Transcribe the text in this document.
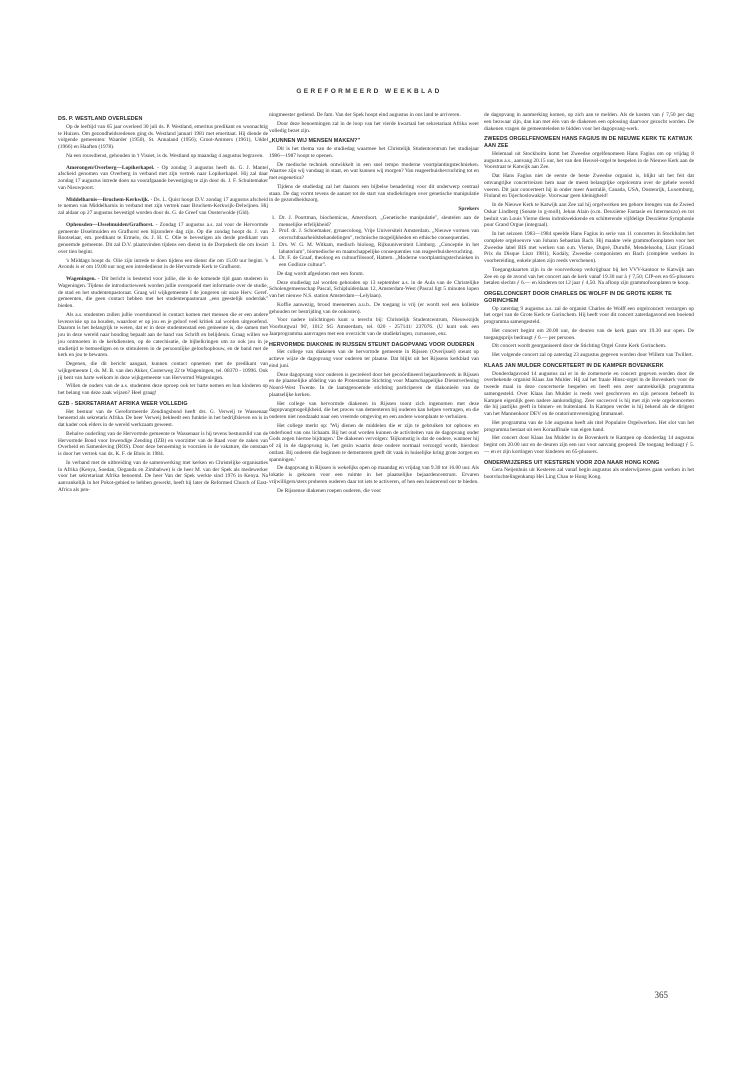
GEREFORMEERD WEEKBLAD
DS. P. WESTLAND OVERLEDEN

Op de leeftijd van 65 jaar overleed 30 juli ds. P. Westland, emeritus predikant en woonachtig te Huizen. Om gezondheidsredenen ging ds. Westland januari 1981 met emeritaat. Hij diende de volgende gemeenten: Waarder (1950), St. Annaland (1956), Groot-Ammers (1961), Uddel (1966) en Haaften (1978).

Na een rouwdienst, gehouden in 't Visnet, is ds. Westland op maandag 4 augustus begraven.

Amerongen/Overberg—Lopikerkapel. - Op zondag 3 augustus heeft ds. G. J. Mantel afscheid genomen van Overberg in verband met zijn vertrek naar Lopikerkapel. Hij zal daar zondag 17 augustus intrede doen na voorafgaande bevestiging te zijn door ds. J. F. Schuitemaker van Nieuwpoort.

Middelharnis—Bruchem-Kerkwijk. - Ds. L. Quist hoopt D.V. zondag 17 augustus afscheid te nemen van Middelharnis in verband met zijn vertrek naar Bruchem-Kerkwijk-Delwijnen. Hij zal aldaar op 27 augustus bevestigd worden door ds. G. de Greef van Oosterwolde (Gld).

Opheusden—IJsselmuiden/Grafhorst. - Zondag 17 augustus a.s. zal voor de Hervormde gemeente IJsselmuiden en Grafhorst een bijzondere dag zijn. Op die zondag hoopt ds. J. van Rootselaar, em. predikant te Ermelo, ds. J. H. C. Olie te bevestigen als derde predikant van genoemde gemeente. Dit zal D.V. plaatsvinden tijdens een dienst in de Dorpskerk die om kwart over tien begint.

's Middags hoopt ds. Olie zijn intrede te doen tijdens een dienst die om 15.00 uur begint. 's Avonds is er om 19.00 uur nog een intrededienst in de Hervormde Kerk te Grafhorst.

Wageningen. - Dit bericht is bestemd voor jullie, die in de komende tijd gaan studeren in Wageningen. Tijdens de introductieweek worden jullie overspoeld met informatie over de studie, de stad en het studentenpastoraat. Graag wil wijkgemeente I de jongeren uit onze Herv. Geref. gemeenten, die geen contact hebben met het studentenpastoraat „een geestelijk onderdak" bieden.

Als a.s. studenten zullen jullie voortdurend in contact komen met mensen die er een andere levensvisie op na houden, waardoor er op jou en je geloof veel kritiek zal worden uitgeoefend. Daarom is het belangrijk te weten, dat er in deze studentenstad een gemeente is, die samen met jou in deze wereld naar houding bepaalt aan de hand van Schrift en belijdenis. Graag willen we jou ontmoeten in de kerkdiensten, op de catechisatie, de bijbelkringen om zo ook jou in je studietijd te bemoedigen en te stimuleren in de persoonlijke geloofsopbouw, en de band met de kerk en jou te bewaren.

Degenen, die dit bericht aangaat, kunnen contact opnemen met de predikant van wijkgemeente I, ds. M. B. van den Akker, Costerweg 22 te Wageningen, tel. 08370 - 10996. Ook jij bent van harte welkom in deze wijkgemeente van Hervormd Wageningen.

Willen de ouders van de a.s. studenten deze oproep ook ter harte nemen en hun kinderen op het belang van deze zaak wijzen? Heel graag!

GZB - SEKRETARIAAT AFRIKA WEER VOLLEDIG

Het bestuur van de Gereformeerde Zendingsbond heeft drs. G. Verweij te Wassenaar benoemd als sekretaris Afrika. De heer Verweij bekleedt een funktie in het bedrijfsleven en is in dat kader ook elders in de wereld werkzaam geweest.

Behalve ouderling van de Hervormde gemeente te Wassenaar is hij tevens bestuurslid van de Hervormde Bond voor Inwendige Zending (IZB) en voorzitter van de Raad voor de zaken van Overheid en Samenleving (ROS). Door deze benoeming is voorzien in de vakature, die ontstaan is door het vertrek van ds. K. F. de Blois in 1984.

In verband met de uitbreiding van de samenwerking met kerken en Christelijke organisaties in Afrika (Kenya, Soedan, Oeganda en Zimbabwe) is de heer M. van der Spek als medewerker voor het sekretariaat Afrika benoemd. De heer Van der Spek werkte sind 1976 in Kenya. Na aanvankelijk in het Pokot-gebied te hebben gewerkt, heeft hij later de Reformed Church of East-Africa als pen-

ningmeester gediend. De fam. Van der Spek hoopt eind augustus in ons land te arriveren.

Door deze benoemingen zal in de loop van het vierde kwartaal het sekretariaat Afrika weer volledig bezet zijn.

„KUNNEN WIJ MENSEN MAKEN?"

Dit is het thema van de studiedag waarmee het Christelijk Studentcentrum het studiejaar 1986—1987 hoopt te openen.

De medische techniek ontwikkelt in een snel tempo moderne voortplantingstechnieken. Waartoe zijn wij vandaag in staat, en wat kunnen wij morgen? Van reageerbuisbevruchting tot en met eugenetica?

Tijdens de studiedag zal het daarom een bijbelse benadering voor dit onderwerp centraal staan. De dag vormt tevens de aanzet tot de start van studiekringen over genetische manipulatie in de gezondheidszorg.

Sprekers

1. Dr. J. Poortman, biochemicus, Amersfoort. „Genetische manipulatie", sleutelen aan de menselijke erfelijkheid?
2. Prof. dr. J. Schoemaker, gynaecoloog, Vrije Universiteit Amsterdam. „Nieuwe vormen van onvruchtbaarheidsbehandelingen", technische mogelijkheden en ethische consequenties.
3. Drs. W. G. M. Witkam, medisch bioloog, Rijksuniversiteit Limburg. „Conceptie in het labatorium", biomedische en maatschappelijke consequenties van reageerbuisbevruchting.
4. Dr. F. de Graaf, theoloog en cultuurfilosoof, Hattem. „Moderne voortplantingstechnieken in een Godloze cultuur".

De dag wordt afgesloten met een forum.

Deze studiedag zal worden gehouden op 13 september a.s. in de Aula van de Christelijke Scholengemeenschap Pascal, Schipluidenlaan 12, Amsterdam-West (Pascal ligt 5 minuten lopen van het nieuwe N.S. station Amsterdam—Lelylaan).

Koffie aanwezig, brood meenemen a.u.b.. De toegang is vrij (er wordt wel een kollekte gehouden ter bestrijding van de onkosten).

Voor nadere inlichtingen kunt u terecht bij: Christelijk Studentcentrum, Nieuwezijds Voorburgwal 96', 1012 SG Amsterdam, tel. 020 - 257141/ 237076. (U kunt ook een Jaarprogramma aanvragen met een overzicht van de studiekringen, cursussen, enz.

HERVORMDE DIAKONIE IN RIJSSEN STEUNT DAGOPVANG VOOR OUDEREN

Het college van diakenen van de hervormde gemeente in Rijssen (Overijssel) steunt op actieve wijze de dagopvang voor ouderen ter plaatse. Dat blijkt uit het Rijssens kerkblad van eind juni.

Deze dagopvang voor ouderen is gecreëerd door het gecoördineerd bejaardenwerk in Rijssen en de plaatselijke afdeling van de Protestantse Stichting voor Maatschappelijke Dienstverlening Noord-West Twente. In de laatstgenoemde stichting participeren de diakonieën van de plaatselijke kerken.

Het college van hervormde diakenen in Rijssen toont zich ingenomen met deze dagopvangmogelijkheid, die het proces van dementeren bij ouderen kan helpen vertragen, en die ouderen niet noodzaakt naar een vreemde omgeving en een andere woonplaats te verhuizen.

Het college merkt op: 'Wij dienen de middelen die er zijn te gebruiken tot opbouw en onderhoud van ons lichaam. Bij het oud worden kunnen de activiteiten van de dagopvang onder Gods zegen hiertoe bijdragen.' De diakenen vervolgen: 'Bijkomstig is dat de oudere, wanneer hij of zij in de dagopvang is, het gezin waarin deze oudere normaal verzorgd wordt, hierdoor ontlast. Bij ouderen die beginnen te dementeren geeft dit vaak in huiselijke kring grote zorgen en spanningen.'

De dagopvang in Rijssen is wekelijks open op maandag en vrijdag van 9.30 tot 16.00 uur. Als lokatie is gekozen voor een ruimte in het plaatselijke bejaardencentrum. Ervaren vrijwilligers/sters proberen ouderen daar tot iets te activeren, of hen een huisterend oor te bieden.

De Rijssense diakenen roepen ouderen, die voor

de dagopvang in aanmerking komen, op zich aan te melden. Als de kosten van ƒ 7,50 per dag een bezwaar zijn, dan kan met één van de diakenen een oplossing daarvoor gezocht worden. De diakenen vragen de gemeenteleden te bidden voor het dagopvang-werk.

ZWEEDS ORGELFENOMEEN HANS FAGIUS IN DE NIEUWE KERK TE KATWIJK AAN ZEE

Helemaal uit Stockholm komt het Zweedse orgelfenomeen Hans Fagius om op vrijdag 8 augustus a.s., aanvang 20.15 uur, het van den Heuvel-orgel te bespelen in de Nieuwe Kerk aan de Voorstraat te Katwijk aan Zee.

Dat Hans Fagius niet de eerste de beste Zweedse organist is, blijkt uit het feit dat omvangrijke concertreizen hem naar de meest belangrijke orgelcentra over de gehele wereld voeren. Dit jaar concerteert hij in onder meer Australië, Canada, USA, Oostenrijk, Luxemburg, Finland en Tsjechoslowakije. Voorwaar geen kleinigheid!

In de Nieuwe Kerk te Katwijk aan Zee zal hij orgelwerken ten gehore brengen van de Zweed Oskar Lindberg (Sonate in g-moll), Jehan Alain (o.m. Deuxième Fantasie en Intermezzo) en tot besluit van Louis Vierne diens indrukwekkende en schitterende vijfdelige Deuxième Symphonie pour Grand Orgue (integraal).

In het seizoen 1983—1984 speelde Hans Fagius in serie van 11 concerten in Stockholm het complete orgeloeuvre van Johann Sebastian Bach. Hij maakte vele grammofoonplaten voor het Zweedse label BIS met werken van o.m. Vierne, Dupré, Duruflé, Mendelssohn, Liszt (Grand Prix du Disque Liszt 1981), Kodály, Zweedse componisten en Bach (complete werken in voorbereiding, enkele platen zijn reeds verschenen).

Toegangskaarten zijn in de voorverkoop verkrijgbaar bij het VVV-kantoor te Katwijk aan Zee en op de avond van het concert aan de kerk vanaf 19.30 uur à ƒ 7,50; CJP-ers en 65-plussers betalen slechts ƒ 6.— en kinderen tot 12 jaar ƒ 4,50. Na afloop zijn grammofoonplaten te koop.

ORGELCONCERT DOOR CHARLES DE WOLFF IN DE GROTE KERK TE GORINCHEM

Op zaterdag 9 augustus a.s. zal de organist Charles de Wolff een orgelconcert verzorgen op het orgel van de Grote Kerk te Gorinchem. Hij heeft voor dit concert zaterdagavond een boeiend programma samengesteld.

Het concert begint om 20.00 uur, de deuren van de kerk gaan om 19.30 uur open. De toegangsprijs bedraagt ƒ 6.— per persoon.

Dit concert wordt georganiseerd door de Stichting Orgel Grote Kerk Gorinchem.

Het volgende concert zal op zaterdag 23 augustus gegeven worden door Willem van Twillert.

KLAAS JAN MULDER CONCERTEERT IN DE KAMPER BOVENKERK

Donderdagavond 14 augustus zal er in de zomerserie en concert gegeven worden door de overbekende organist Klaas Jan Mulder. Hij zal het fraaie Hinsz-orgel in de Bovenkerk voor de tweede maal in deze concertserie bespelen en heeft een zeer aantrekkelijk programma samengesteld. Over Klaas Jan Mulder is reeds veel geschreven en zijn persoon behoeft in Kampen eigenlijk geen nadere aankondiging. Zeer succesvol is hij met zijn vele orgelconcerten die hij jaarlijks geeft in binnen- en buitenland. In Kampen verder is hij bekend als de dirigent van het Mannenkoor DEV en de oratoriumvereniging Immanuel.

Het programma van de 14e augustus heeft als titel Populaire Orgelwerken. Het slot van het programma bestaat uit een Koraalfinale van eigen hand.

Het concert door Klaas Jan Mulder in de Bovenkerk te Kampen op donderdag 14 augustus begint om 20.00 uur en de deuren zijn een uur voor aanvang geopend. De toegang bedraagt ƒ 5.— en er zijn kortingen voor kinderen en 65-plussers.

ONDERWIJZERES UIT KESTEREN VOOR ZOA NAAR HONG KONG

Gera Neijenhuis uit Kesteren zal vanaf begin augustus als onderwijzeres gaan werken in het bootvluchtelingenkamp Hei Ling Chau te Hong Kong.

365
